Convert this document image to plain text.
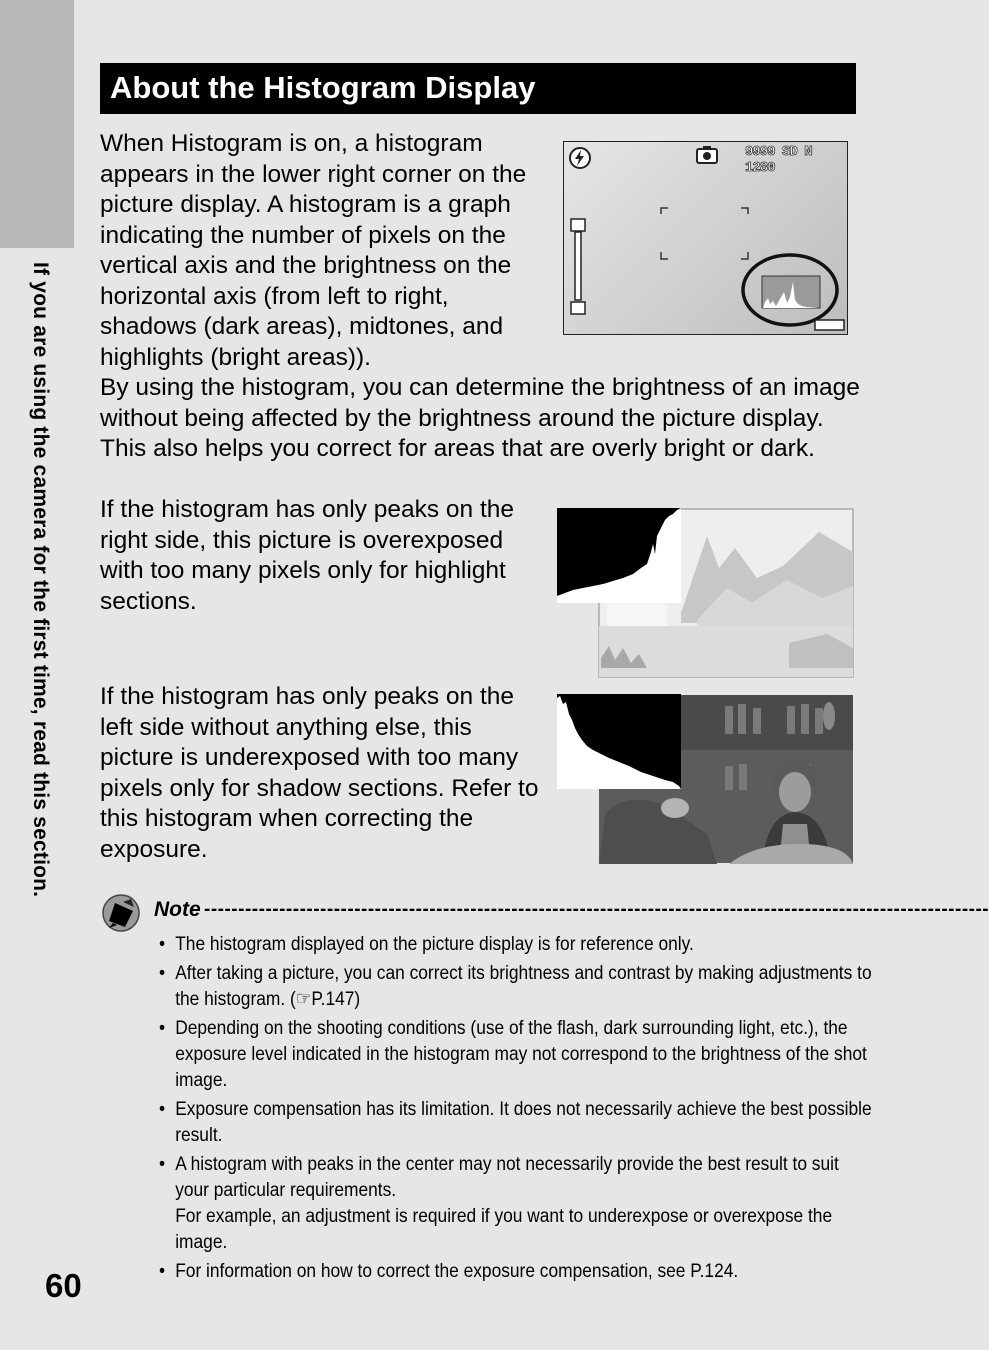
If you are using the camera for the first time, read this section.
About the Histogram Display

When Histogram is on, a histogram appears in the lower right corner on the picture display. A histogram is a graph indicating the number of pixels on the vertical axis and the brightness on the horizontal axis (from left to right, shadows (dark areas), midtones, and highlights (bright areas)).

By using the histogram, you can determine the brightness of an image without being affected by the brightness around the picture display. This also helps you correct for areas that are overly bright or dark.

If the histogram has only peaks on the right side, this picture is overexposed with too many pixels only for highlight sections.

If the histogram has only peaks on the left side without anything else, this picture is underexposed with too many pixels only for shadow sections. Refer to this histogram when correcting the exposure.

9999 SD N 1280
Note -------------------------------------------------------------------------------------------------------------------
• The histogram displayed on the picture display is for reference only.
• After taking a picture, you can correct its brightness and contrast by making adjustments to the histogram. (☞P.147)
• Depending on the shooting conditions (use of the flash, dark surrounding light, etc.), the exposure level indicated in the histogram may not correspond to the brightness of the shot image.
• Exposure compensation has its limitation. It does not necessarily achieve the best possible result.
• A histogram with peaks in the center may not necessarily provide the best result to suit your particular requirements.
For example, an adjustment is required if you want to underexpose or overexpose the image.
• For information on how to correct the exposure compensation, see P.124.
60
